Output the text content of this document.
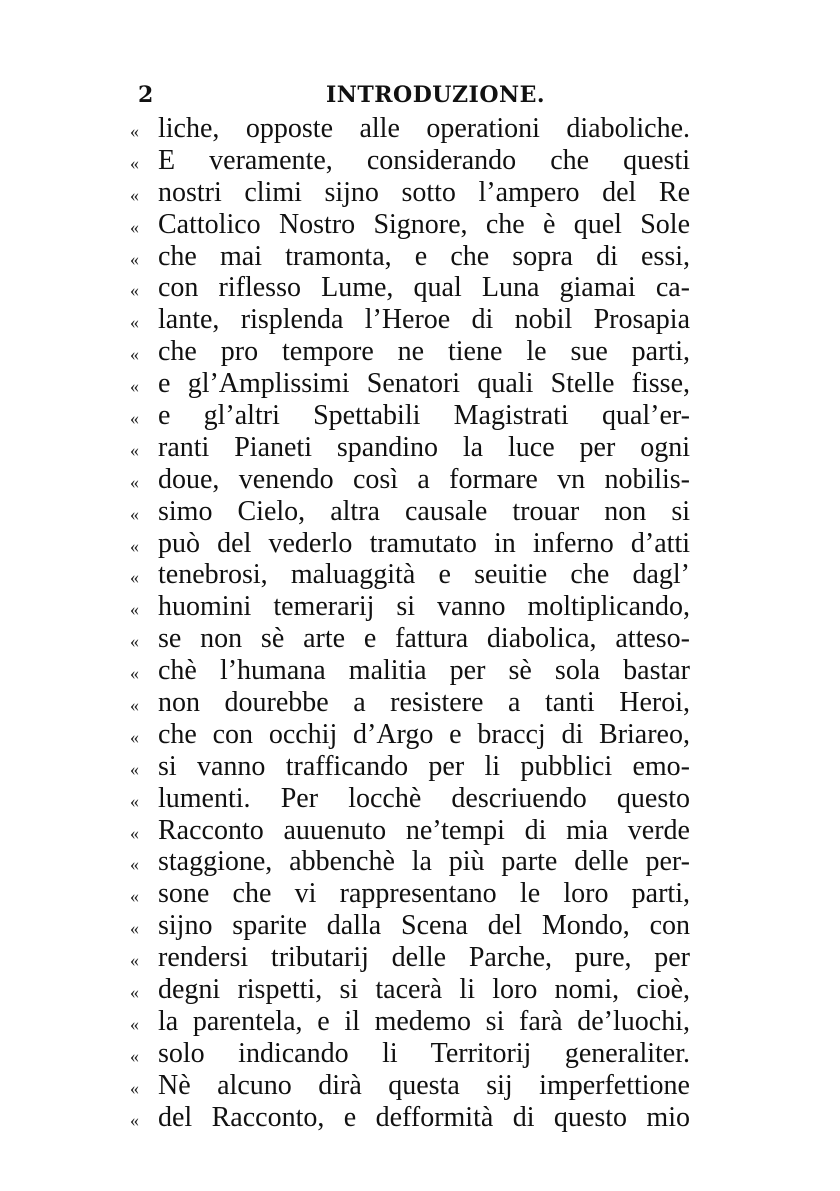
2	INTRODUZIONE.
« liche, opposte alle operationi diaboliche.
« E veramente, considerando che questi
« nostri climi sijno sotto l’ampero del Re
« Cattolico Nostro Signore, che è quel Sole
« che mai tramonta, e che sopra di essi,
« con riflesso Lume, qual Luna giamai ca-
« lante, risplenda l’Heroe di nobil Prosapia
« che pro tempore ne tiene le sue parti,
« e gl’Amplissimi Senatori quali Stelle fisse,
« e gl’altri Spettabili Magistrati qual’er-
« ranti Pianeti spandino la luce per ogni
« doue, venendo così a formare vn nobilis-
« simo Cielo, altra causale trouar non si
« può del vederlo tramutato in inferno d’atti
« tenebrosi, maluaggità e seuitie che dagl’
« huomini temerarij si vanno moltiplicando,
« se non sè arte e fattura diabolica, atteso-
« chè l’humana malitia per sè sola bastar
« non dourebbe a resistere a tanti Heroi,
« che con occhij d’Argo e braccj di Briareo,
« si vanno trafficando per li pubblici emo-
« lumenti. Per locchè descriuendo questo
« Racconto auuenuto ne’tempi di mia verde
« staggione, abbenchè la più parte delle per-
« sone che vi rappresentano le loro parti,
« sijno sparite dalla Scena del Mondo, con
« rendersi tributarij delle Parche, pure, per
« degni rispetti, si tacerà li loro nomi, cioè,
« la parentela, e il medemo si farà de’luochi,
« solo indicando li Territorij generaliter.
« Nè alcuno dirà questa sij imperfettione
« del Racconto, e defformità di questo mio
